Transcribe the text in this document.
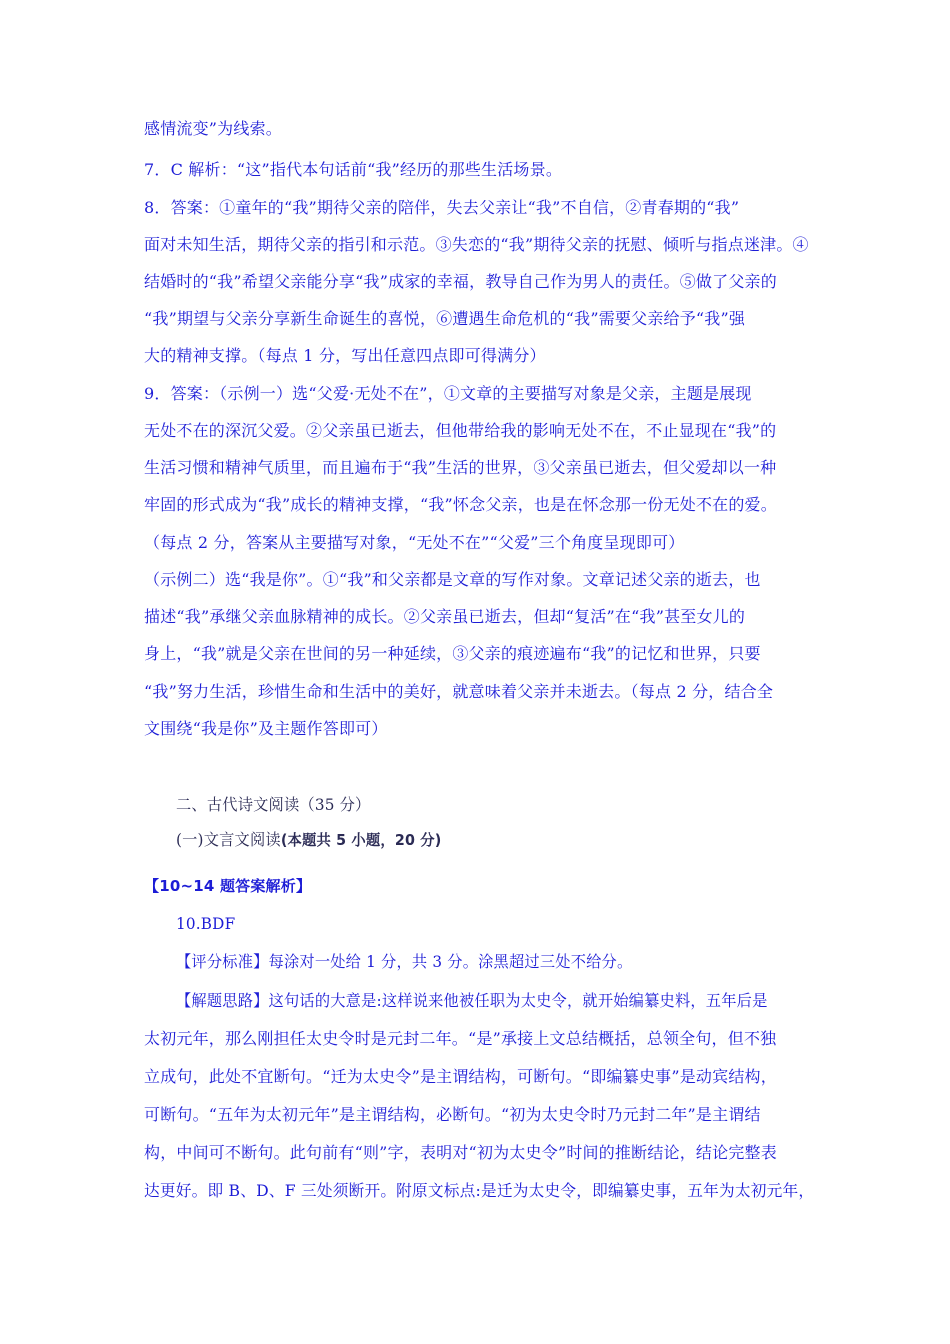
感情流变”为线索。
7．C 解析：“这”指代本句话前“我”经历的那些生活场景。
8．答案：①童年的“我”期待父亲的陪伴，失去父亲让“我”不自信，②青春期的“我”
面对未知生活，期待父亲的指引和示范。③失恋的“我”期待父亲的抚慰、倾听与指点迷津。④
结婚时的“我”希望父亲能分享“我”成家的幸福，教导自己作为男人的责任。⑤做了父亲的
“我”期望与父亲分享新生命诞生的喜悦，⑥遭遇生命危机的“我”需要父亲给予“我”强
大的精神支撑。（每点 1 分，写出任意四点即可得满分）
9．答案：（示例一）选“父爱·无处不在”，①文章的主要描写对象是父亲，主题是展现
无处不在的深沉父爱。②父亲虽已逝去，但他带给我的影响无处不在，不止显现在“我”的
生活习惯和精神气质里，而且遍布于“我”生活的世界，③父亲虽已逝去，但父爱却以一种
牢固的形式成为“我”成长的精神支撑，“我”怀念父亲，也是在怀念那一份无处不在的爱。
（每点 2 分，答案从主要描写对象，“无处不在”“父爱”三个角度呈现即可）
（示例二）选“我是你”。①“我”和父亲都是文章的写作对象。文章记述父亲的逝去，也
描述“我”承继父亲血脉精神的成长。②父亲虽已逝去，但却“复活”在“我”甚至女儿的
身上，“我”就是父亲在世间的另一种延续，③父亲的痕迹遍布“我”的记忆和世界，只要
“我”努力生活，珍惜生命和生活中的美好，就意味着父亲并未逝去。（每点 2 分，结合全
文围绕“我是你”及主题作答即可）
二、古代诗文阅读（35 分）
(一)文言文阅读(本题共 5 小题，20 分)
【10~14 题答案解析】
10.BDF
【评分标准】每涂对一处给 1 分，共 3 分。涂黑超过三处不给分。
【解题思路】这句话的大意是:这样说来他被任职为太史令，就开始编纂史料，五年后是
太初元年，那么刚担任太史令时是元封二年。“是”承接上文总结概括，总领全句，但不独
立成句，此处不宜断句。“迁为太史令”是主谓结构，可断句。“即编纂史事”是动宾结构，
可断句。“五年为太初元年”是主谓结构，必断句。“初为太史令时乃元封二年”是主谓结
构，中间可不断句。此句前有“则”字，表明对“初为太史令”时间的推断结论，结论完整表
达更好。即 B、D、F 三处须断开。附原文标点:是迁为太史令，即编纂史事，五年为太初元年，
